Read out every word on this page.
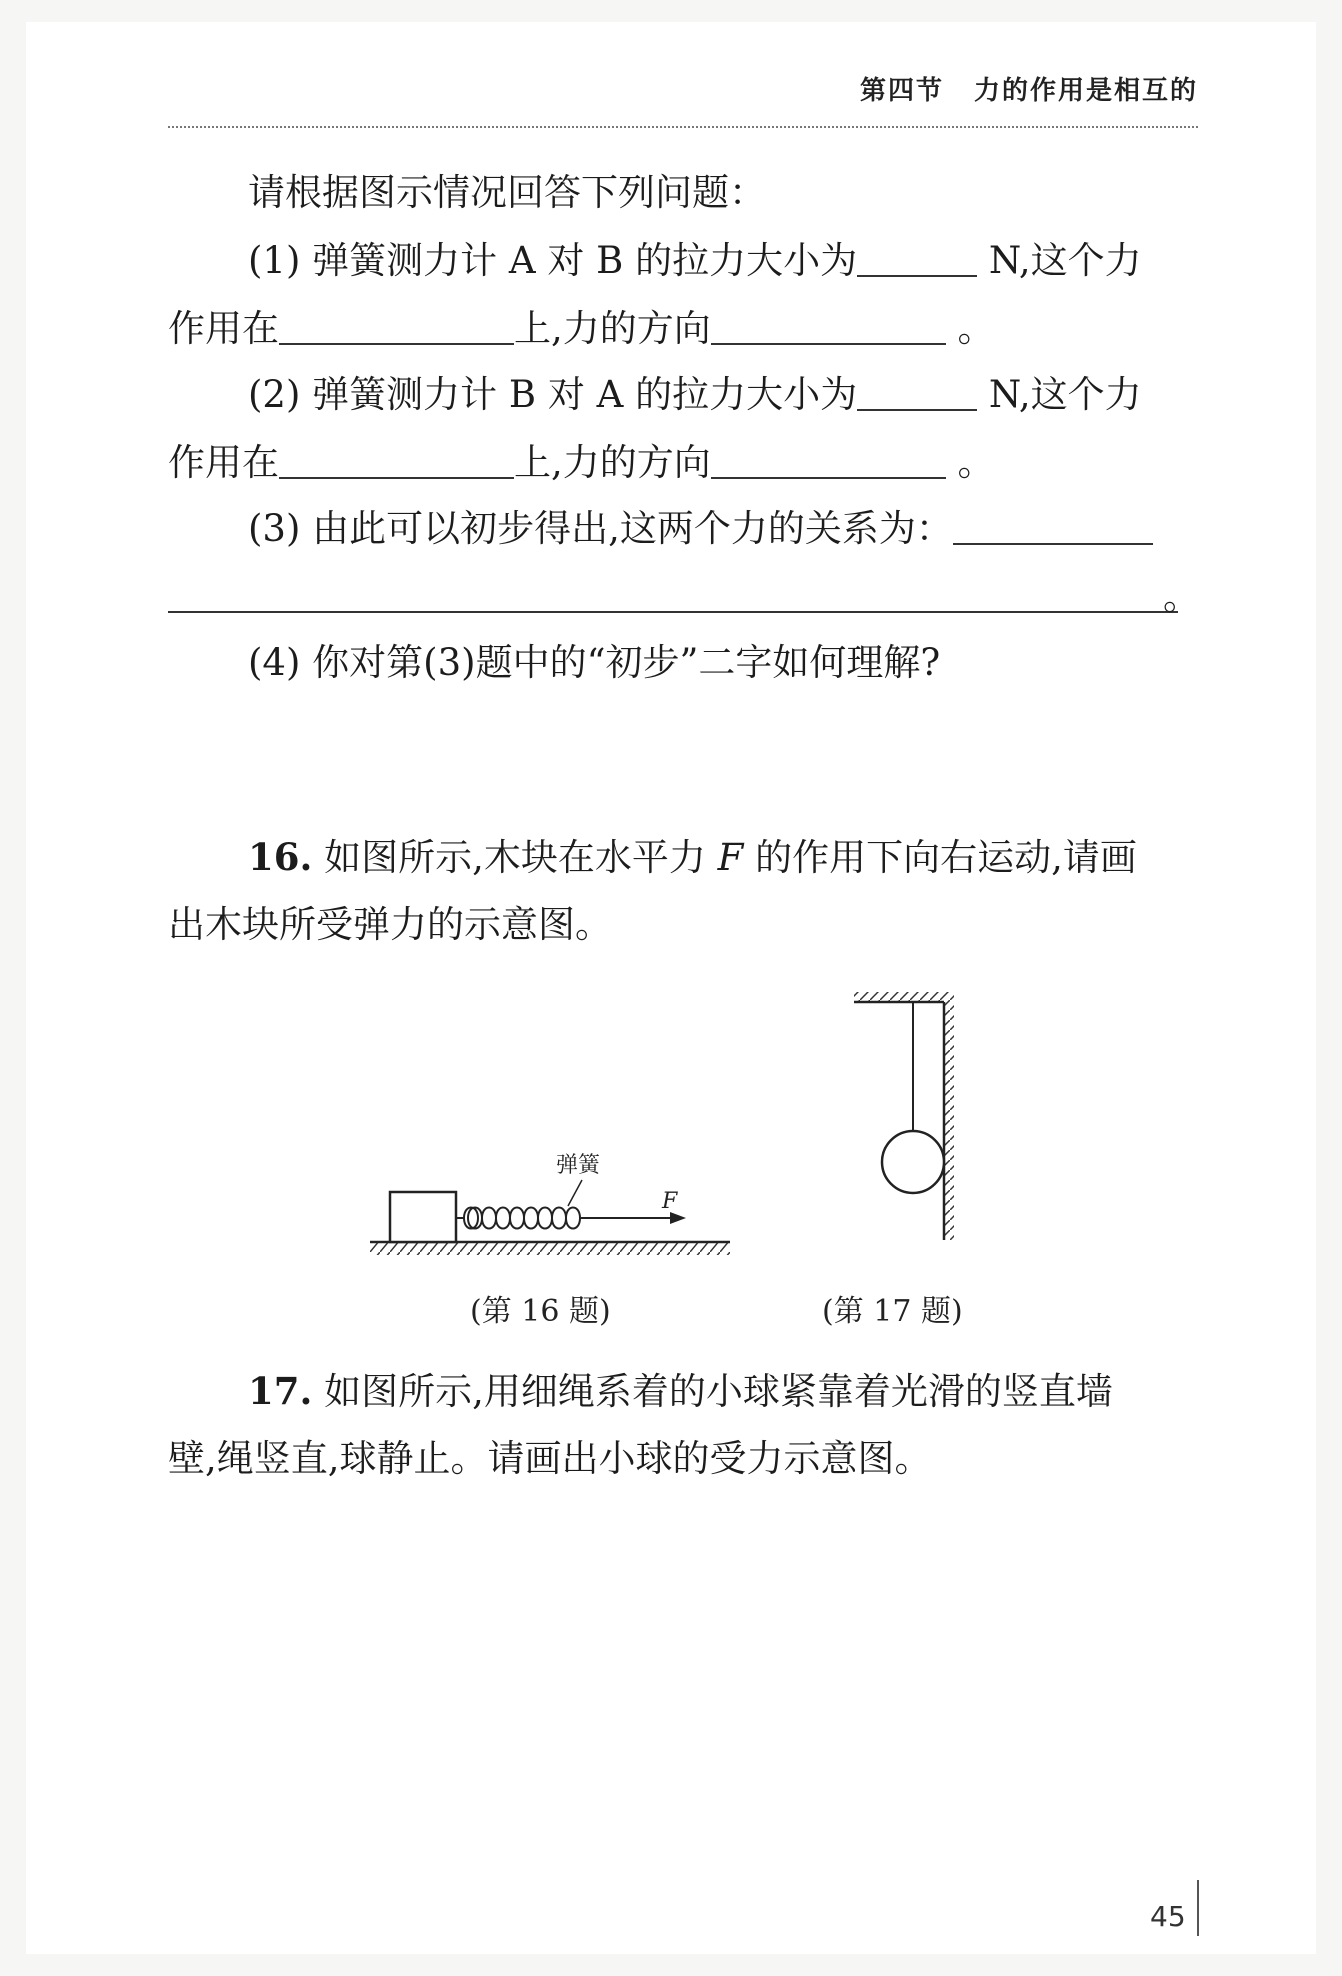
第四节 力的作用是相互的
请根据图示情况回答下列问题：
(1) 弹簧测力计 A 对 B 的拉力大小为	N,这个力
作用在	上,力的方向	。
(2) 弹簧测力计 B 对 A 的拉力大小为	N,这个力
作用在	上,力的方向	。
(3) 由此可以初步得出,这两个力的关系为：
。
(4) 你对第(3)题中的“初步”二字如何理解?
16. 如图所示,木块在水平力 F 的作用下向右运动,请画
出木块所受弹力的示意图。
弹簧
F
(第 16 题)	(第 17 题)
17. 如图所示,用细绳系着的小球紧靠着光滑的竖直墙
壁,绳竖直,球静止。请画出小球的受力示意图。
45
